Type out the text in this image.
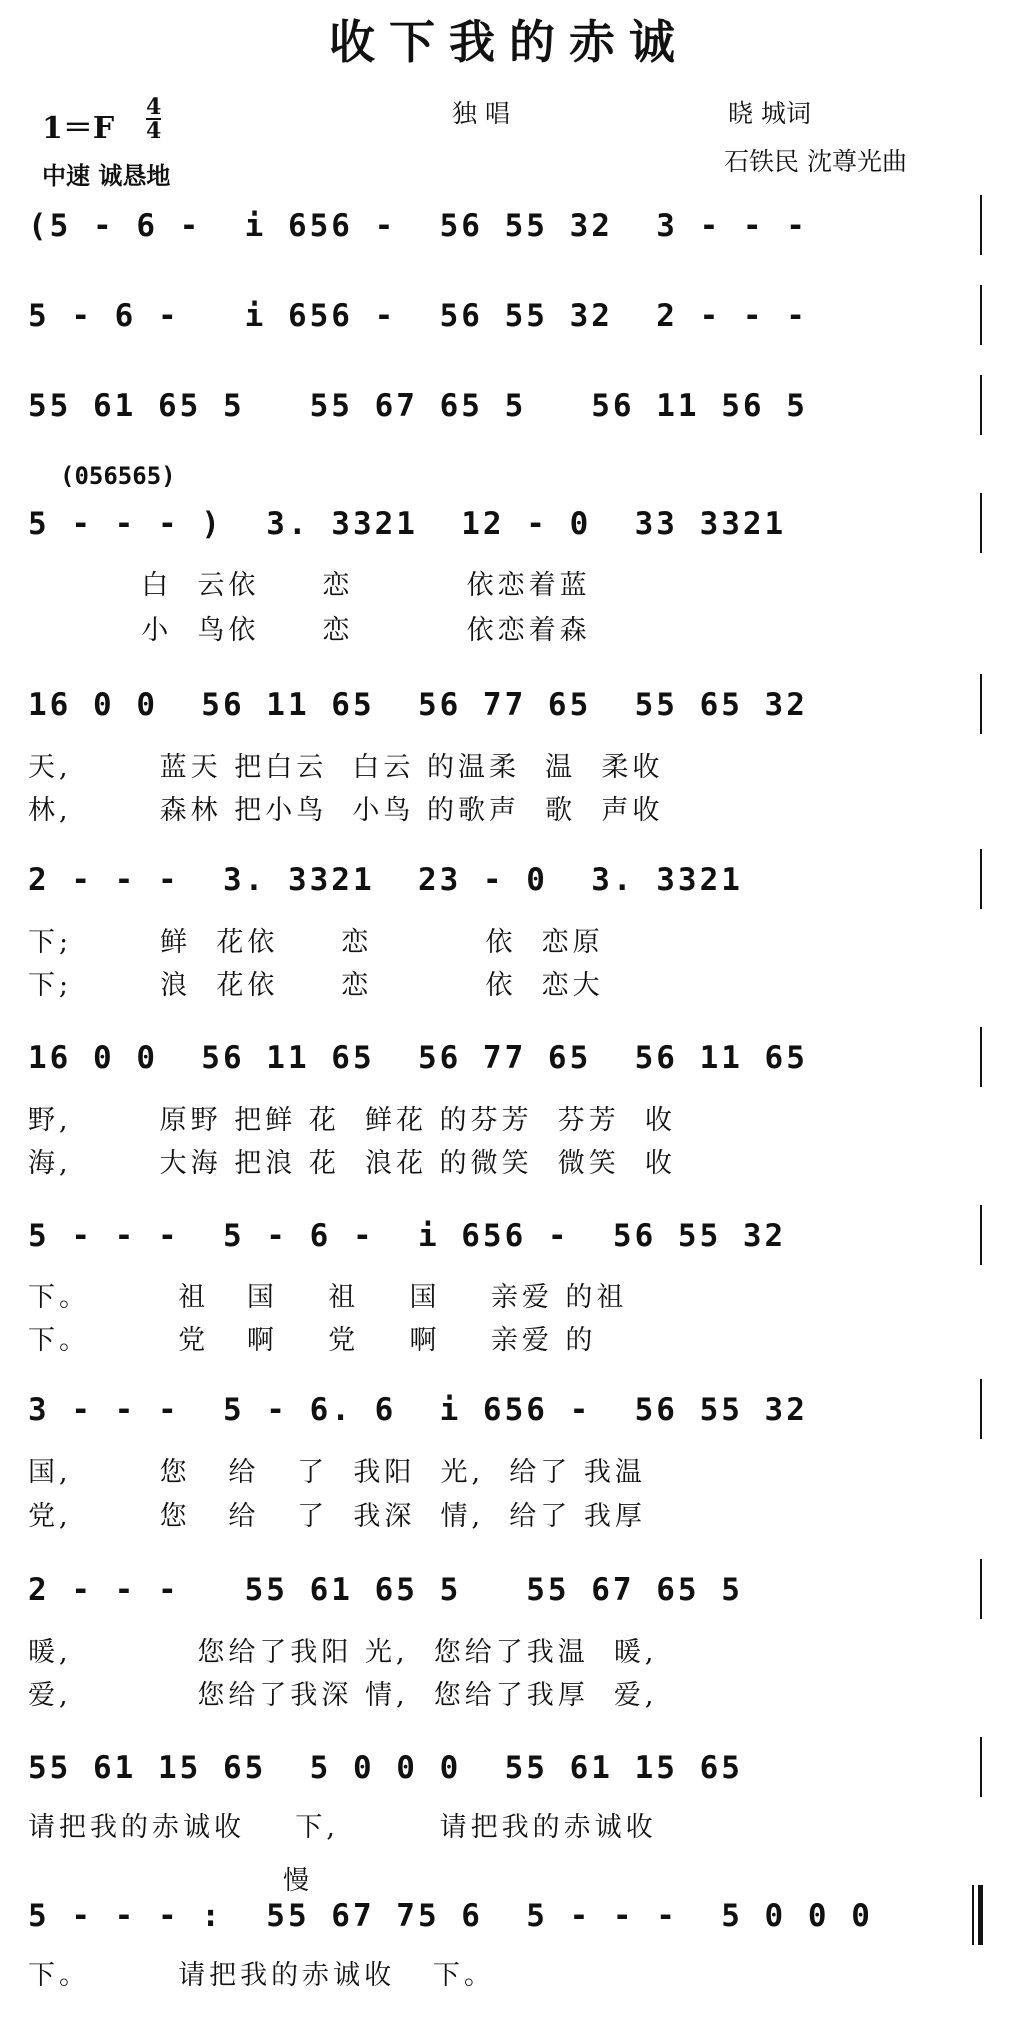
收下我的赤诚
独 唱	晓 城词
石铁民 沈尊光曲
$1=F \frac{4}{4}$
中速 诚恳地
(5 - 6 -  i 656 -  56 55 32  3 - - -
5 - 6 -   i 656 -  56 55 32  2 - - -
55 61 65 5   55 67 65 5   56 11 56 5
(056565)
5 - - - )  3. 3321  12 - 0  33 3321
白  云依     恋         依恋着蓝
小  鸟依     恋         依恋着森
16 0 0  56 11 65  56 77 65  55 65 32
天,       蓝天 把白云  白云 的温柔  温  柔收
林,       森林 把小鸟  小鸟 的歌声  歌  声收
2 - - -  3. 3321  23 - 0  3. 3321
下;       鲜  花依     恋         依  恋原
下;       浪  花依     恋         依  恋大
16 0 0  56 11 65  56 77 65  56 11 65
野,       原野 把鲜 花  鲜花 的芬芳  芬芳  收
海,       大海 把浪 花  浪花 的微笑  微笑  收
5 - - -  5 - 6 -  i 656 -  56 55 32
下。       祖   国    祖    国    亲爱 的祖
下。       党   啊    党    啊    亲爱 的
3 - - -  5 - 6. 6  i 656 -  56 55 32
国,       您   给   了  我阳  光,  给了 我温
党,       您   给   了  我深  情,  给了 我厚
2 - - -   55 61 65 5   55 67 65 5
暖,          您给了我阳 光,  您给了我温  暖,
爱,          您给了我深 情,  您给了我厚  爱,
55 61 15 65  5 0 0 0  55 61 15 65
请把我的赤诚收    下,        请把我的赤诚收
慢
5 - - - :  55 67 75 6  5 - - -  5 0 0 0
下。       请把我的赤诚收   下。
